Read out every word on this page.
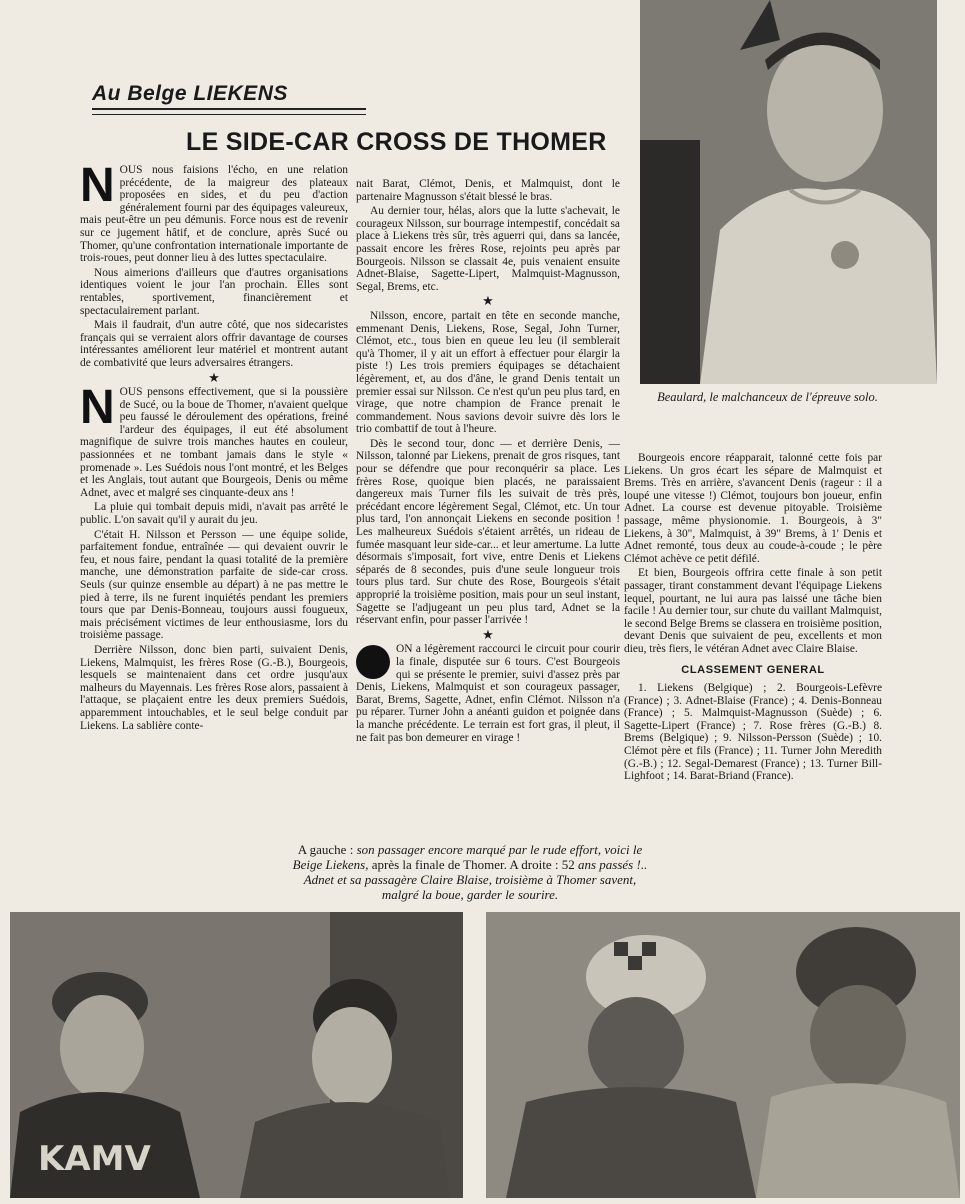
Au Belge LIEKENS
LE SIDE-CAR CROSS DE THOMER
Beaulard, le malchanceux de l'épreuve solo.
N OUS nous faisions l'écho, en une relation précédente, de la maigreur des plateaux proposées en sides, et du peu d'action généralement fourni par des équipages valeureux, mais peut-être un peu démunis. Force nous est de revenir sur ce jugement hâtif, et de conclure, après Sucé ou Thomer, qu'une confrontation internationale importante de trois-roues, peut donner lieu à des luttes spectaculaire.

Nous aimerions d'ailleurs que d'autres organisations identiques voient le jour l'an prochain. Elles sont rentables, sportivement, financièrement et spectaculairement parlant.

Mais il faudrait, d'un autre côté, que nos sidecaristes français qui se verraient alors offrir davantage de courses intéressantes améliorent leur matériel et montrent autant de combativité que leurs adversaires étrangers.

★
N OUS pensons effectivement, que si la poussière de Sucé, ou la boue de Thomer, n'avaient quelque peu faussé le déroulement des opérations, freiné l'ardeur des équipages, il eut été absolument magnifique de suivre trois manches hautes en couleur, passionnées et ne tombant jamais dans le style « promenade ». Les Suédois nous l'ont montré, et les Belges et les Anglais, tout autant que Bourgeois, Denis ou même Adnet, avec et malgré ses cinquante-deux ans !

La pluie qui tombait depuis midi, n'avait pas arrêté le public. L'on savait qu'il y aurait du jeu.

C'était H. Nilsson et Persson — une équipe solide, parfaitement fondue, entraînée — qui devaient ouvrir le feu, et nous faire, pendant la quasi totalité de la première manche, une démonstration parfaite de side-car cross. Seuls (sur quinze ensemble au départ) à ne pas mettre le pied à terre, ils ne furent inquiétés pendant les premiers tours que par Denis-Bonneau, toujours aussi fougueux, mais précisément victimes de leur enthousiasme, lors du troisième passage.

Derrière Nilsson, donc bien parti, suivaient Denis, Liekens, Malmquist, les frères Rose (G.-B.), Bourgeois, lesquels se maintenaient dans cet ordre jusqu'aux malheurs du Mayennais. Les frères Rose alors, passaient à l'attaque, se plaçaient entre les deux premiers Suédois, apparemment intouchables, et le seul belge conduit par Liekens. La sablière conte-

nait Barat, Clémot, Denis, et Malmquist, dont le partenaire Magnusson s'était blessé le bras.

Au dernier tour, hélas, alors que la lutte s'achevait, le courageux Nilsson, sur bourrage intempestif, concédait sa place à Liekens très sûr, très aguerri qui, dans sa lancée, passait encore les frères Rose, rejoints peu après par Bourgeois. Nilsson se classait 4e, puis venaient ensuite Adnet-Blaise, Sagette-Lipert, Malmquist-Magnusson, Segal, Brems, etc.

★

Nilsson, encore, partait en tête en seconde manche, emmenant Denis, Liekens, Rose, Segal, John Turner, Clémot, etc., tous bien en queue leu leu (il semblerait qu'à Thomer, il y ait un effort à effectuer pour élargir la piste !) Les trois premiers équipages se détachaient légèrement, et, au dos d'âne, le grand Denis tentait un premier essai sur Nilsson. Ce n'est qu'un peu plus tard, en virage, que notre champion de France prenait le commandement. Nous savions devoir suivre dès lors le trio combattif de tout à l'heure.

Dès le second tour, donc — et derrière Denis, — Nilsson, talonné par Liekens, prenait de gros risques, tant pour se défendre que pour reconquérir sa place. Les frères Rose, quoique bien placés, ne paraissaient dangereux mais Turner fils les suivait de très près, précédant encore légèrement Segal, Clémot, etc. Un tour plus tard, l'on annonçait Liekens en seconde position ! Les malheureux Suédois s'étaient arrêtés, un rideau de fumée masquant leur side-car... et leur amertume. La lutte désormais s'imposait, fort vive, entre Denis et Liekens séparés de 8 secondes, puis d'une seule longueur trois tours plus tard. Sur chute des Rose, Bourgeois s'était approprié la troisième position, mais pour un seul instant, Sagette se l'adjugeant un peu plus tard, Adnet se la réservant enfin, pour passer l'arrivée !

★

ON a légèrement raccourci le circuit pour courir la finale, disputée sur 6 tours. C'est Bourgeois qui se présente le premier, suivi d'assez près par Denis, Liekens, Malmquist et son courageux passager, Barat, Brems, Sagette, Adnet, enfin Clémot. Nilsson n'a pu réparer. Turner John a anéanti guidon et poignée dans la manche précédente. Le terrain est fort gras, il pleut, il ne fait pas bon demeurer en virage !

Bourgeois encore réapparait, talonné cette fois par Liekens. Un gros écart les sépare de Malmquist et Brems. Très en arrière, s'avancent Denis (rageur : il a loupé une vitesse !) Clémot, toujours bon joueur, enfin Adnet. La course est devenue pitoyable. Troisième passage, même physionomie. 1. Bourgeois, à 3" Liekens, à 30", Malmquist, à 39" Brems, à 1' Denis et Adnet remonté, tous deux au coude-à-coude ; le père Clémot achève ce petit défilé.

Et bien, Bourgeois offrira cette finale à son petit passager, tirant constamment devant l'équipage Liekens lequel, pourtant, ne lui aura pas laissé une tâche bien facile ! Au dernier tour, sur chute du vaillant Malmquist, le second Belge Brems se classera en troisième position, devant Denis que suivaient de peu, excellents et mon dieu, très fiers, le vétéran Adnet avec Claire Blaise.

CLASSEMENT GENERAL

1. Liekens (Belgique) ; 2. Bourgeois-Lefèvre (France) ; 3. Adnet-Blaise (France) ; 4. Denis-Bonneau (France) ; 5. Malmquist-Magnusson (Suède) ; 6. Sagette-Lipert (France) ; 7. Rose frères (G.-B.) 8. Brems (Belgique) ; 9. Nilsson-Persson (Suède) ; 10. Clémot père et fils (France) ; 11. Turner John Meredith (G.-B.) ; 12. Segal-Demarest (France) ; 13. Turner Bill-Lighfoot ; 14. Barat-Briand (France).

A gauche : son passager encore marqué par le rude effort, voici le
Beige Liekens, après la finale de Thomer. A droite : 52 ans passés !..
Adnet et sa passagère Claire Blaise, troisième à Thomer savent,
malgré la boue, garder le sourire.
KAMV
